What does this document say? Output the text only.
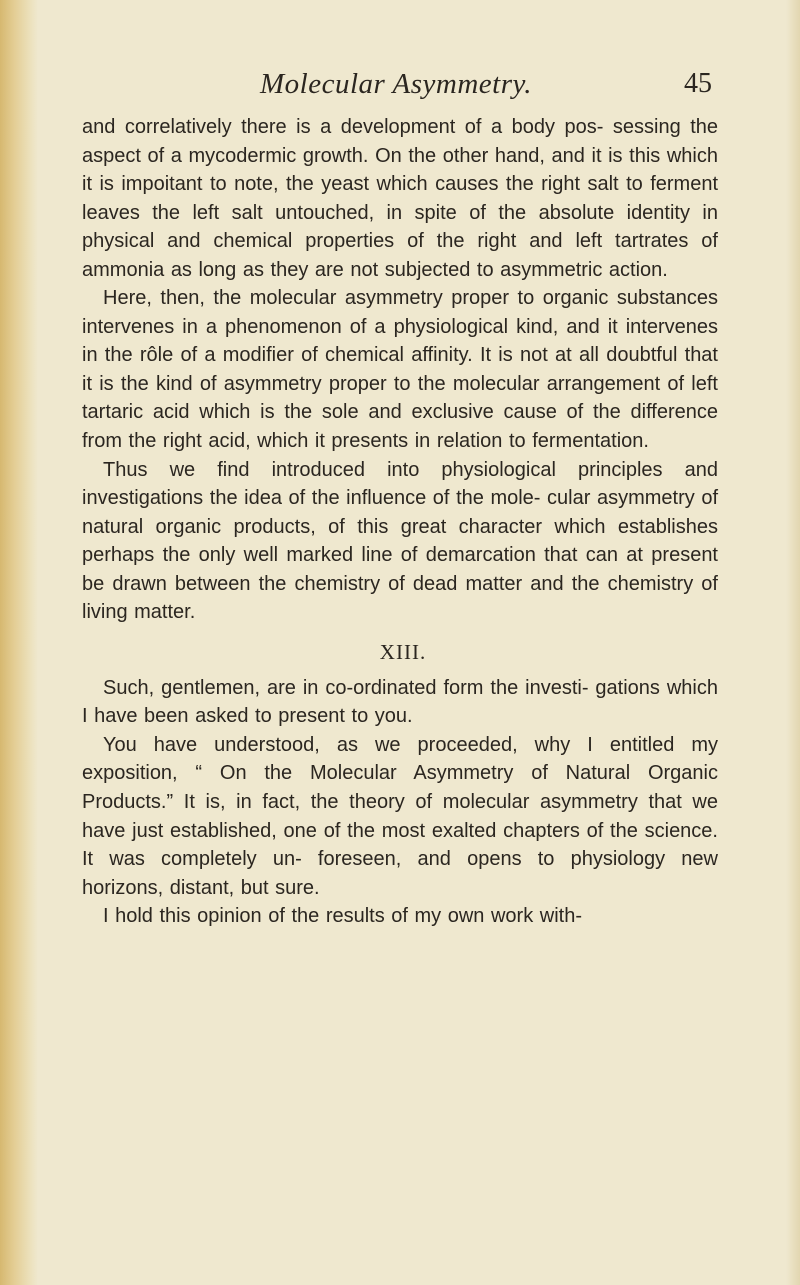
Molecular Asymmetry.	45

and correlatively there is a development of a body pos- sessing the aspect of a mycodermic growth. On the other hand, and it is this which it is impoitant to note, the yeast which causes the right salt to ferment leaves the left salt untouched, in spite of the absolute identity in physical and chemical properties of the right and left tartrates of ammonia as long as they are not subjected to asymmetric action.

Here, then, the molecular asymmetry proper to organic substances intervenes in a phenomenon of a physiological kind, and it intervenes in the rôle of a modifier of chemical affinity. It is not at all doubtful that it is the kind of asymmetry proper to the molecular arrangement of left tartaric acid which is the sole and exclusive cause of the difference from the right acid, which it presents in relation to fermentation.

Thus we find introduced into physiological principles and investigations the idea of the influence of the mole- cular asymmetry of natural organic products, of this great character which establishes perhaps the only well marked line of demarcation that can at present be drawn between the chemistry of dead matter and the chemistry of living matter.

XIII.

Such, gentlemen, are in co-ordinated form the investi- gations which I have been asked to present to you.

You have understood, as we proceeded, why I entitled my exposition, “ On the Molecular Asymmetry of Natural Organic Products.” It is, in fact, the theory of molecular asymmetry that we have just established, one of the most exalted chapters of the science. It was completely un- foreseen, and opens to physiology new horizons, distant, but sure.

I hold this opinion of the results of my own work with-
